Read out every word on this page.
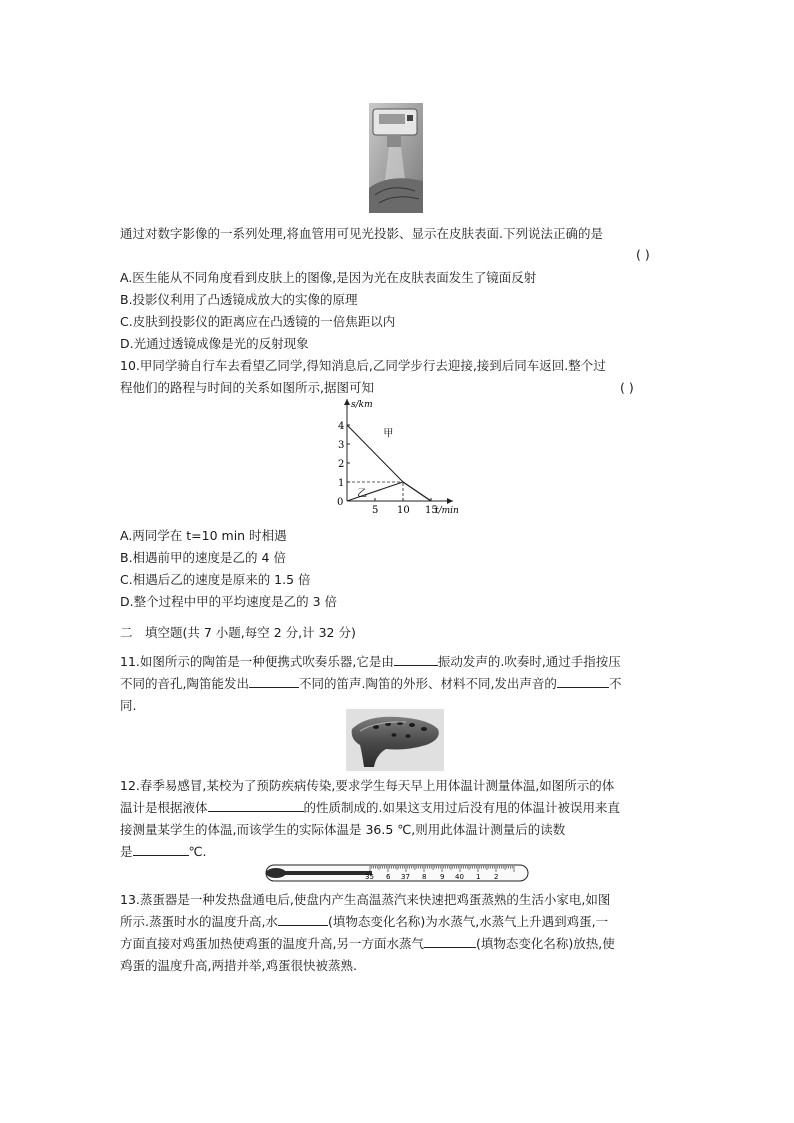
通过对数字影像的一系列处理,将血管用可见光投影、显示在皮肤表面.下列说法正确的是
( )
A.医生能从不同角度看到皮肤上的图像,是因为光在皮肤表面发生了镜面反射
B.投影仪利用了凸透镜成放大的实像的原理
C.皮肤到投影仪的距离应在凸透镜的一倍焦距以内
D.光通过透镜成像是光的反射现象
10.甲同学骑自行车去看望乙同学,得知消息后,乙同学步行去迎接,接到后同车返回.整个过
程他们的路程与时间的关系如图所示,据图可知	( )
0
1
2
3
4
5 10 15
s/km
t/min
甲
乙
A.两同学在 t=10 min 时相遇
B.相遇前甲的速度是乙的 4 倍
C.相遇后乙的速度是原来的 1.5 倍
D.整个过程中甲的平均速度是乙的 3 倍
二　填空题(共 7 小题,每空 2 分,计 32 分)
11.如图所示的陶笛是一种便携式吹奏乐器,它是由	振动发声的.吹奏时,通过手指按压
不同的音孔,陶笛能发出	不同的笛声.陶笛的外形、材料不同,发出声音的	不
同.
12.春季易感冒,某校为了预防疾病传染,要求学生每天早上用体温计测量体温,如图所示的体
温计是根据液体	的性质制成的.如果这支用过后没有甩的体温计被误用来直
接测量某学生的体温,而该学生的实际体温是 36.5 ℃,则用此体温计测量后的读数
是	℃.
35 6 37 8 9 40 1 2
13.蒸蛋器是一种发热盘通电后,使盘内产生高温蒸汽来快速把鸡蛋蒸熟的生活小家电,如图
所示.蒸蛋时水的温度升高,水	(填物态变化名称)为水蒸气,水蒸气上升遇到鸡蛋,一
方面直接对鸡蛋加热使鸡蛋的温度升高,另一方面水蒸气	(填物态变化名称)放热,使
鸡蛋的温度升高,两措并举,鸡蛋很快被蒸熟.
